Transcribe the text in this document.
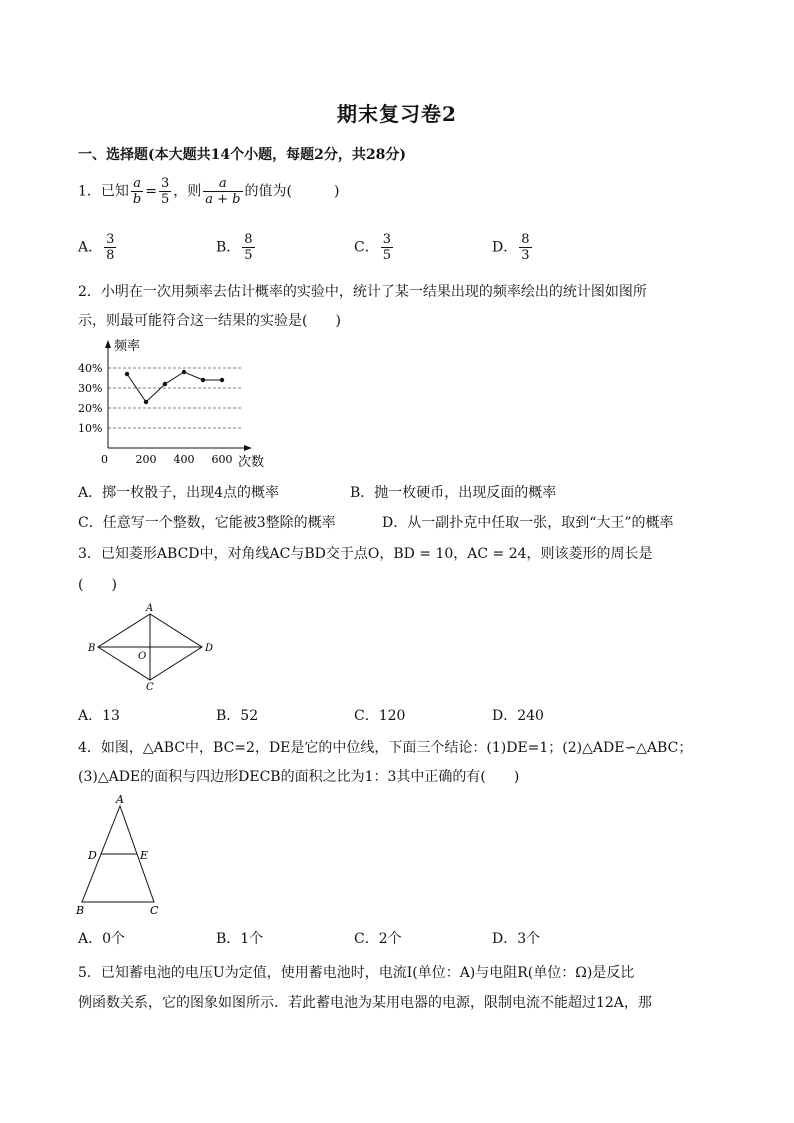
期末复习卷2
一、选择题(本大题共14个小题，每题2分，共28分)
1．已知 $\frac{a}{b} = \frac{3}{5}$ ，则 $\frac{a}{a + b}$ 的值为(　　　)
A． $\frac{3}{8}$	B． $\frac{8}{5}$	C． $\frac{3}{5}$	D． $\frac{8}{3}$
2．小明在一次用频率去估计概率的实验中，统计了某一结果出现的频率绘出的统计图如图所
示，则最可能符合这一结果的实验是(　　)
频率
次数
0
10%
20%
30%
40%
200 400 600
A．掷一枚骰子，出现4点的概率	B．抛一枚硬币，出现反面的概率
C．任意写一个整数，它能被3整除的概率	D．从一副扑克中任取一张，取到“大王”的概率
3．已知菱形ABCD中，对角线AC与BD交于点O，BD = 10，AC = 24，则该菱形的周长是
(　　)
A
B
C
D
O
A．13	B．52	C．120	D．240
4．如图，△ABC中，BC=2，DE是它的中位线，下面三个结论：(1)DE=1；(2)△ADE∽△ABC；
(3)△ADE的面积与四边形DECB的面积之比为1：3其中正确的有(　　)
A
D	E
B	C
A．0个	B．1个	C．2个	D．3个
5．已知蓄电池的电压U为定值，使用蓄电池时，电流I(单位：A)与电阻R(单位：Ω)是反比
例函数关系，它的图象如图所示．若此蓄电池为某用电器的电源，限制电流不能超过12A，那
